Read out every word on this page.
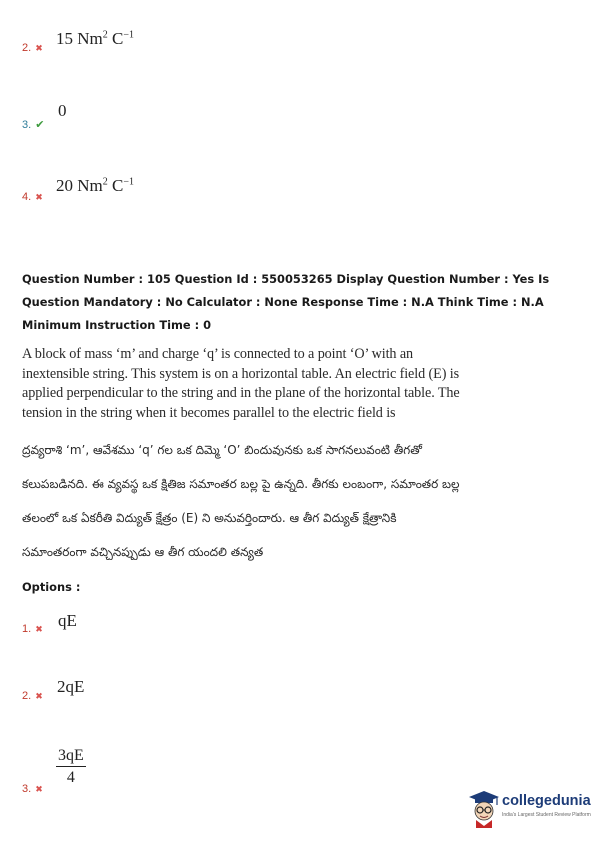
2. ✖ 15 Nm$^2$ $C^{-1}$
3. ✔
0
4. ✖
20 Nm$^2$ $C^{-1}$
Question Number : 105 Question Id : 550053265 Display Question Number : Yes Is Question Mandatory : No Calculator : None Response Time : N.A Think Time : N.A Minimum Instruction Time : 0
A block of mass ‘m’ and charge ‘q’ is connected to a point ‘O’ with an inextensible string. This system is on a horizontal table. An electric field (E) is applied perpendicular to the string and in the plane of the horizontal table. The tension in the string when it becomes parallel to the electric field is
ద్రవ్యరాశి ‘m’, ఆవేశము ‘q’ గల ఒక దిమ్మె ‘O’ బిందువునకు ఒక సాగనలువంటి తీగతో కలుపబడినది. ఈ వ్యవస్థ ఒక క్షితిజ సమాంతర బల్ల పై ఉన్నది. తీగకు లంబంగా, సమాంతర బల్ల తలంలో ఒక ఏకరీతి విద్యుత్ క్షేత్రం (E) ని అనువర్తిందారు. ఆ తీగ విద్యుత్ క్షేత్రానికి సమాంతరంగా వచ్చినప్పుడు ఆ తీగ యందలి తన్యత
Options :
1. ✖ qE
2. ✖ 2qE
3. ✖ $\frac{3qE}{4}$
collegedunia
India's Largest Student Review Platform
